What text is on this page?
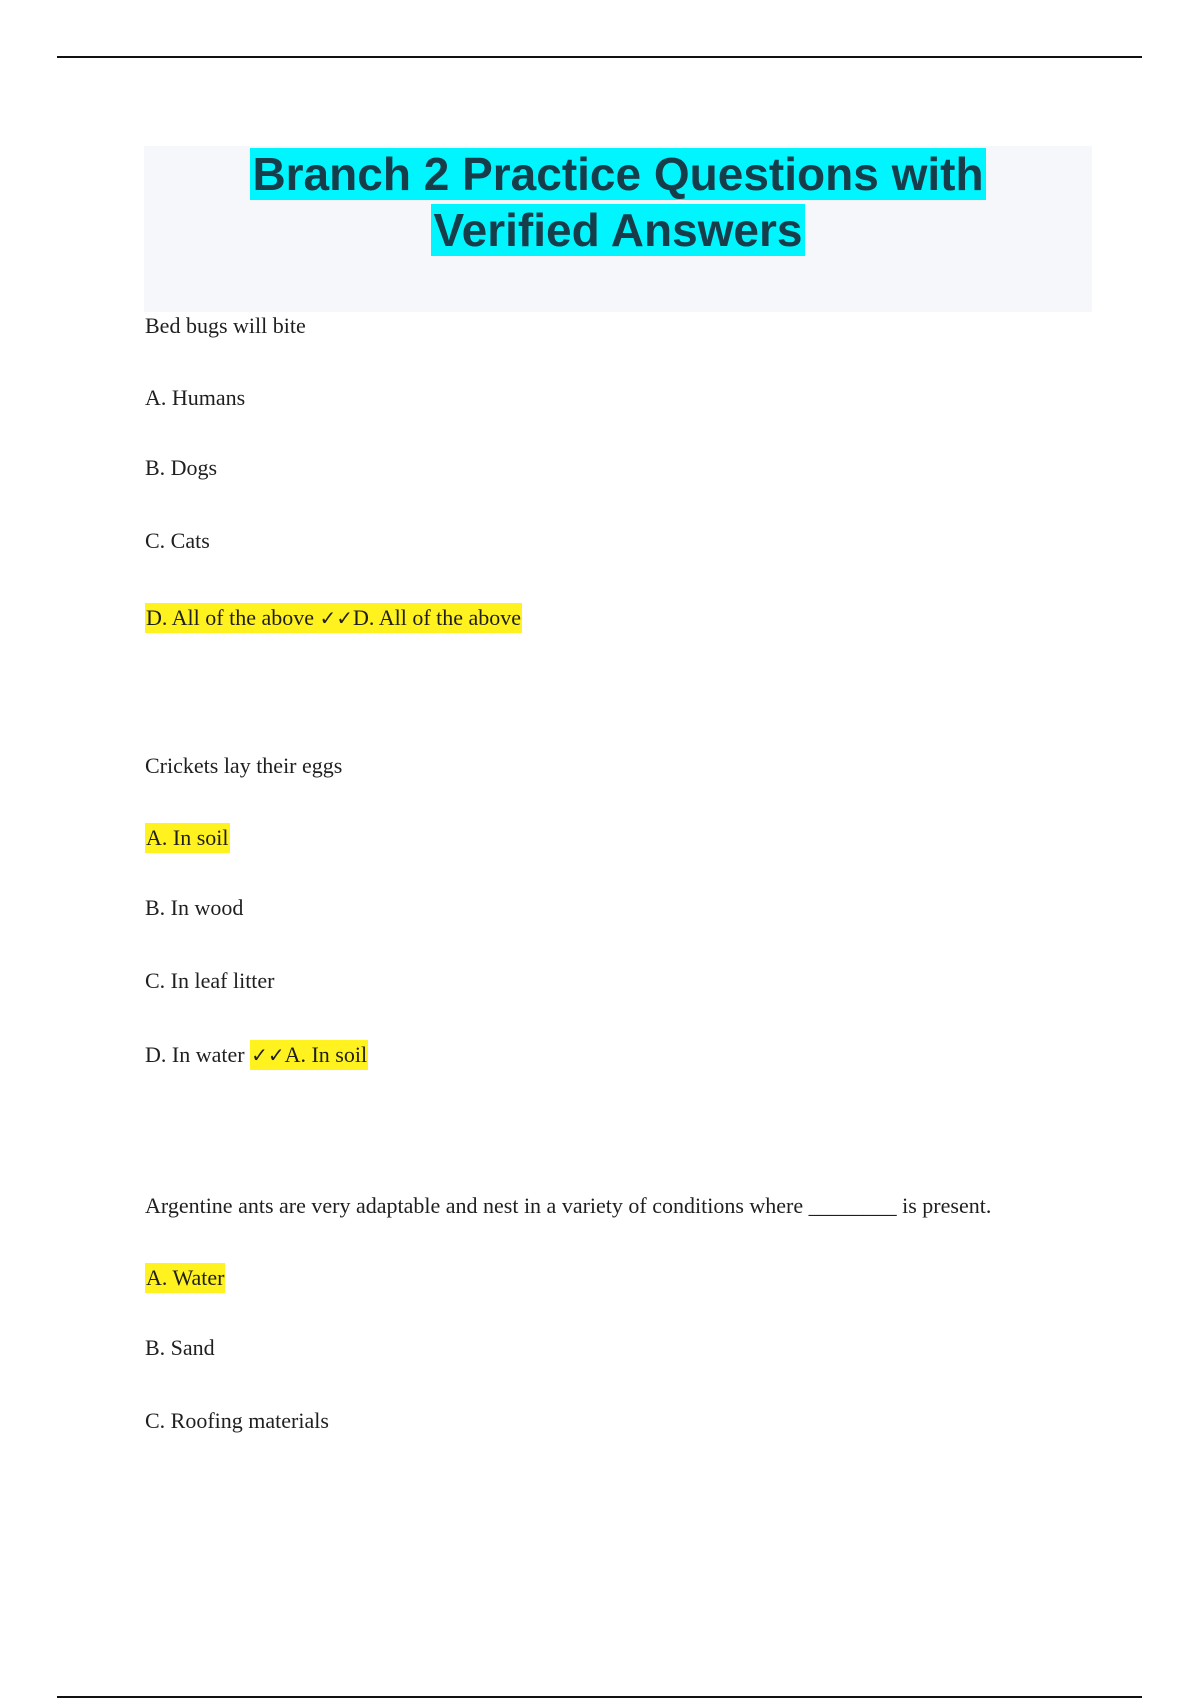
Branch 2 Practice Questions with
Verified Answers
Bed bugs will bite
A. Humans
B. Dogs
C. Cats
D. All of the above ✓✓D. All of the above
Crickets lay their eggs
A. In soil
B. In wood
C. In leaf litter
D. In water ✓✓A. In soil
Argentine ants are very adaptable and nest in a variety of conditions where ________ is present.
A. Water
B. Sand
C. Roofing materials
